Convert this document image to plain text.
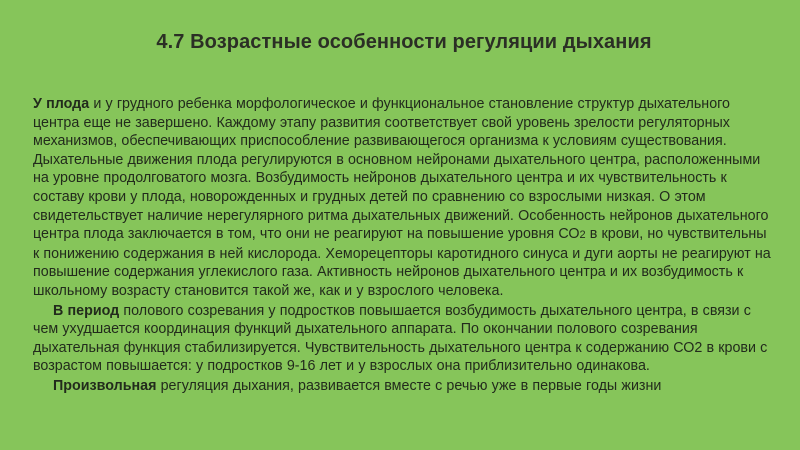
4.7 Возрастные особенности регуляции дыхания

У плода и у грудного ребенка морфологическое и функциональное становление структур дыхательного центра еще не завершено. Каждому этапу развития соответствует свой уровень зрелости регуляторных механизмов, обеспечивающих приспособление развивающегося организма к условиям существования. Дыхательные движения плода регулируются в основном нейронами дыхательного центра, расположенными на уровне продолговатого мозга. Возбудимость нейронов дыхательного центра и их чувствительность к составу крови у плода, новорожденных и грудных детей по сравнению со взрослыми низкая. О этом свидетельствует наличие нерегулярного ритма дыхательных движений. Особенность нейронов дыхательного центра плода заключается в том, что они не реагируют на повышение уровня СО2 в крови, но чувствительны к понижению содержания в ней кислорода. Хеморецепторы каротидного синуса и дуги аорты не реагируют на повышение содержания углекислого газа. Активность нейронов дыхательного центра и их возбудимость к школьному возрасту становится такой же, как и у взрослого человека.

В период полового созревания у подростков повышается возбудимость дыхательного центра, в связи с чем ухудшается координация функций дыхательного аппарата. По окончании полового созревания дыхательная функция стабилизируется. Чувствительность дыхательного центра к содержанию СО2 в крови с возрастом повышается: у подростков 9-16 лет и у взрослых она приблизительно одинакова.

Произвольная регуляция дыхания, развивается вместе с речью уже в первые годы жизни
